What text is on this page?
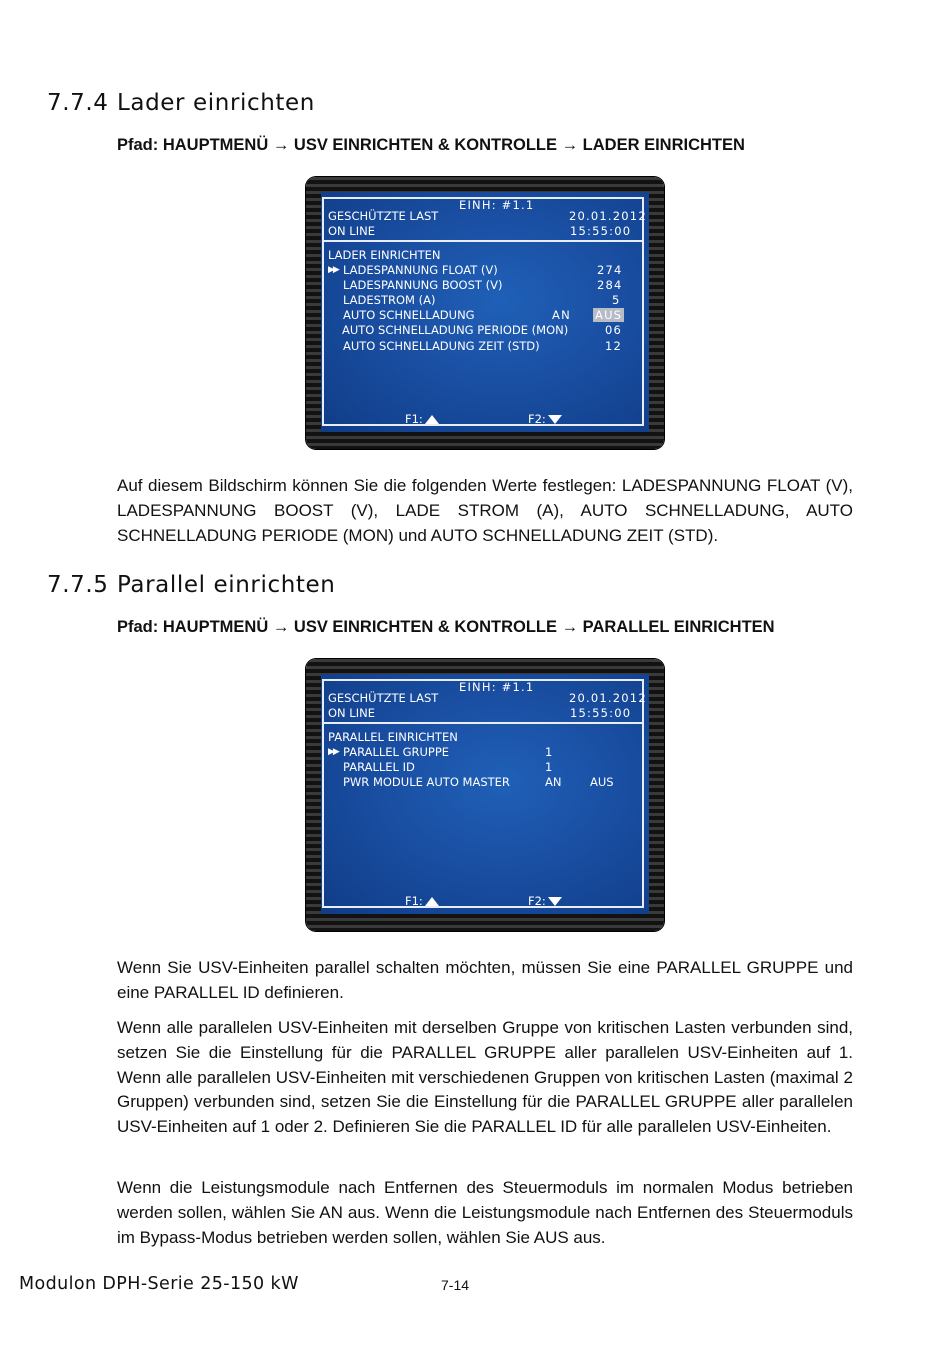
7.7.4 Lader einrichten
Pfad: HAUPTMENÜ → USV EINRICHTEN & KONTROLLE → LADER EINRICHTEN
EINH: #1.1
GESCHÜTZTE LAST
ON LINE
20.01.2012
15:55:00
LADER EINRICHTEN
▶▶ LADESPANNUNG FLOAT (V)	274
LADESPANNUNG BOOST (V)	284
LADESTROM (A)	5
AUTO SCHNELLADUNG	AN AUS
AUTO SCHNELLADUNG PERIODE (MON)	06
AUTO SCHNELLADUNG ZEIT (STD)	12
F1:	F2:

Auf diesem Bildschirm können Sie die folgenden Werte festlegen: LADESPANNUNG FLOAT (V), LADESPANNUNG BOOST (V), LADE STROM (A), AUTO SCHNELLADUNG, AUTO SCHNELLADUNG PERIODE (MON) und AUTO SCHNELLADUNG ZEIT (STD).

7.7.5 Parallel einrichten
Pfad: HAUPTMENÜ → USV EINRICHTEN & KONTROLLE → PARALLEL EINRICHTEN
EINH: #1.1
GESCHÜTZTE LAST
ON LINE
20.01.2012
15:55:00
PARALLEL EINRICHTEN
▶▶ PARALLEL GRUPPE	1
PARALLEL ID	1
PWR MODULE AUTO MASTER	AN AUS
F1:	F2:

Wenn Sie USV-Einheiten parallel schalten möchten, müssen Sie eine PARALLEL GRUPPE und eine PARALLEL ID definieren.

Wenn alle parallelen USV-Einheiten mit derselben Gruppe von kritischen Lasten verbunden sind, setzen Sie die Einstellung für die PARALLEL GRUPPE aller parallelen USV-Einheiten auf 1. Wenn alle parallelen USV-Einheiten mit verschiedenen Gruppen von kritischen Lasten (maximal 2 Gruppen) verbunden sind, setzen Sie die Einstellung für die PARALLEL GRUPPE aller parallelen USV-Einheiten auf 1 oder 2. Definieren Sie die PARALLEL ID für alle parallelen USV-Einheiten.

Wenn die Leistungsmodule nach Entfernen des Steuermoduls im normalen Modus betrieben werden sollen, wählen Sie AN aus. Wenn die Leistungsmodule nach Entfernen des Steuermoduls im Bypass-Modus betrieben werden sollen, wählen Sie AUS aus.

Modulon DPH-Serie 25-150 kW	7-14
